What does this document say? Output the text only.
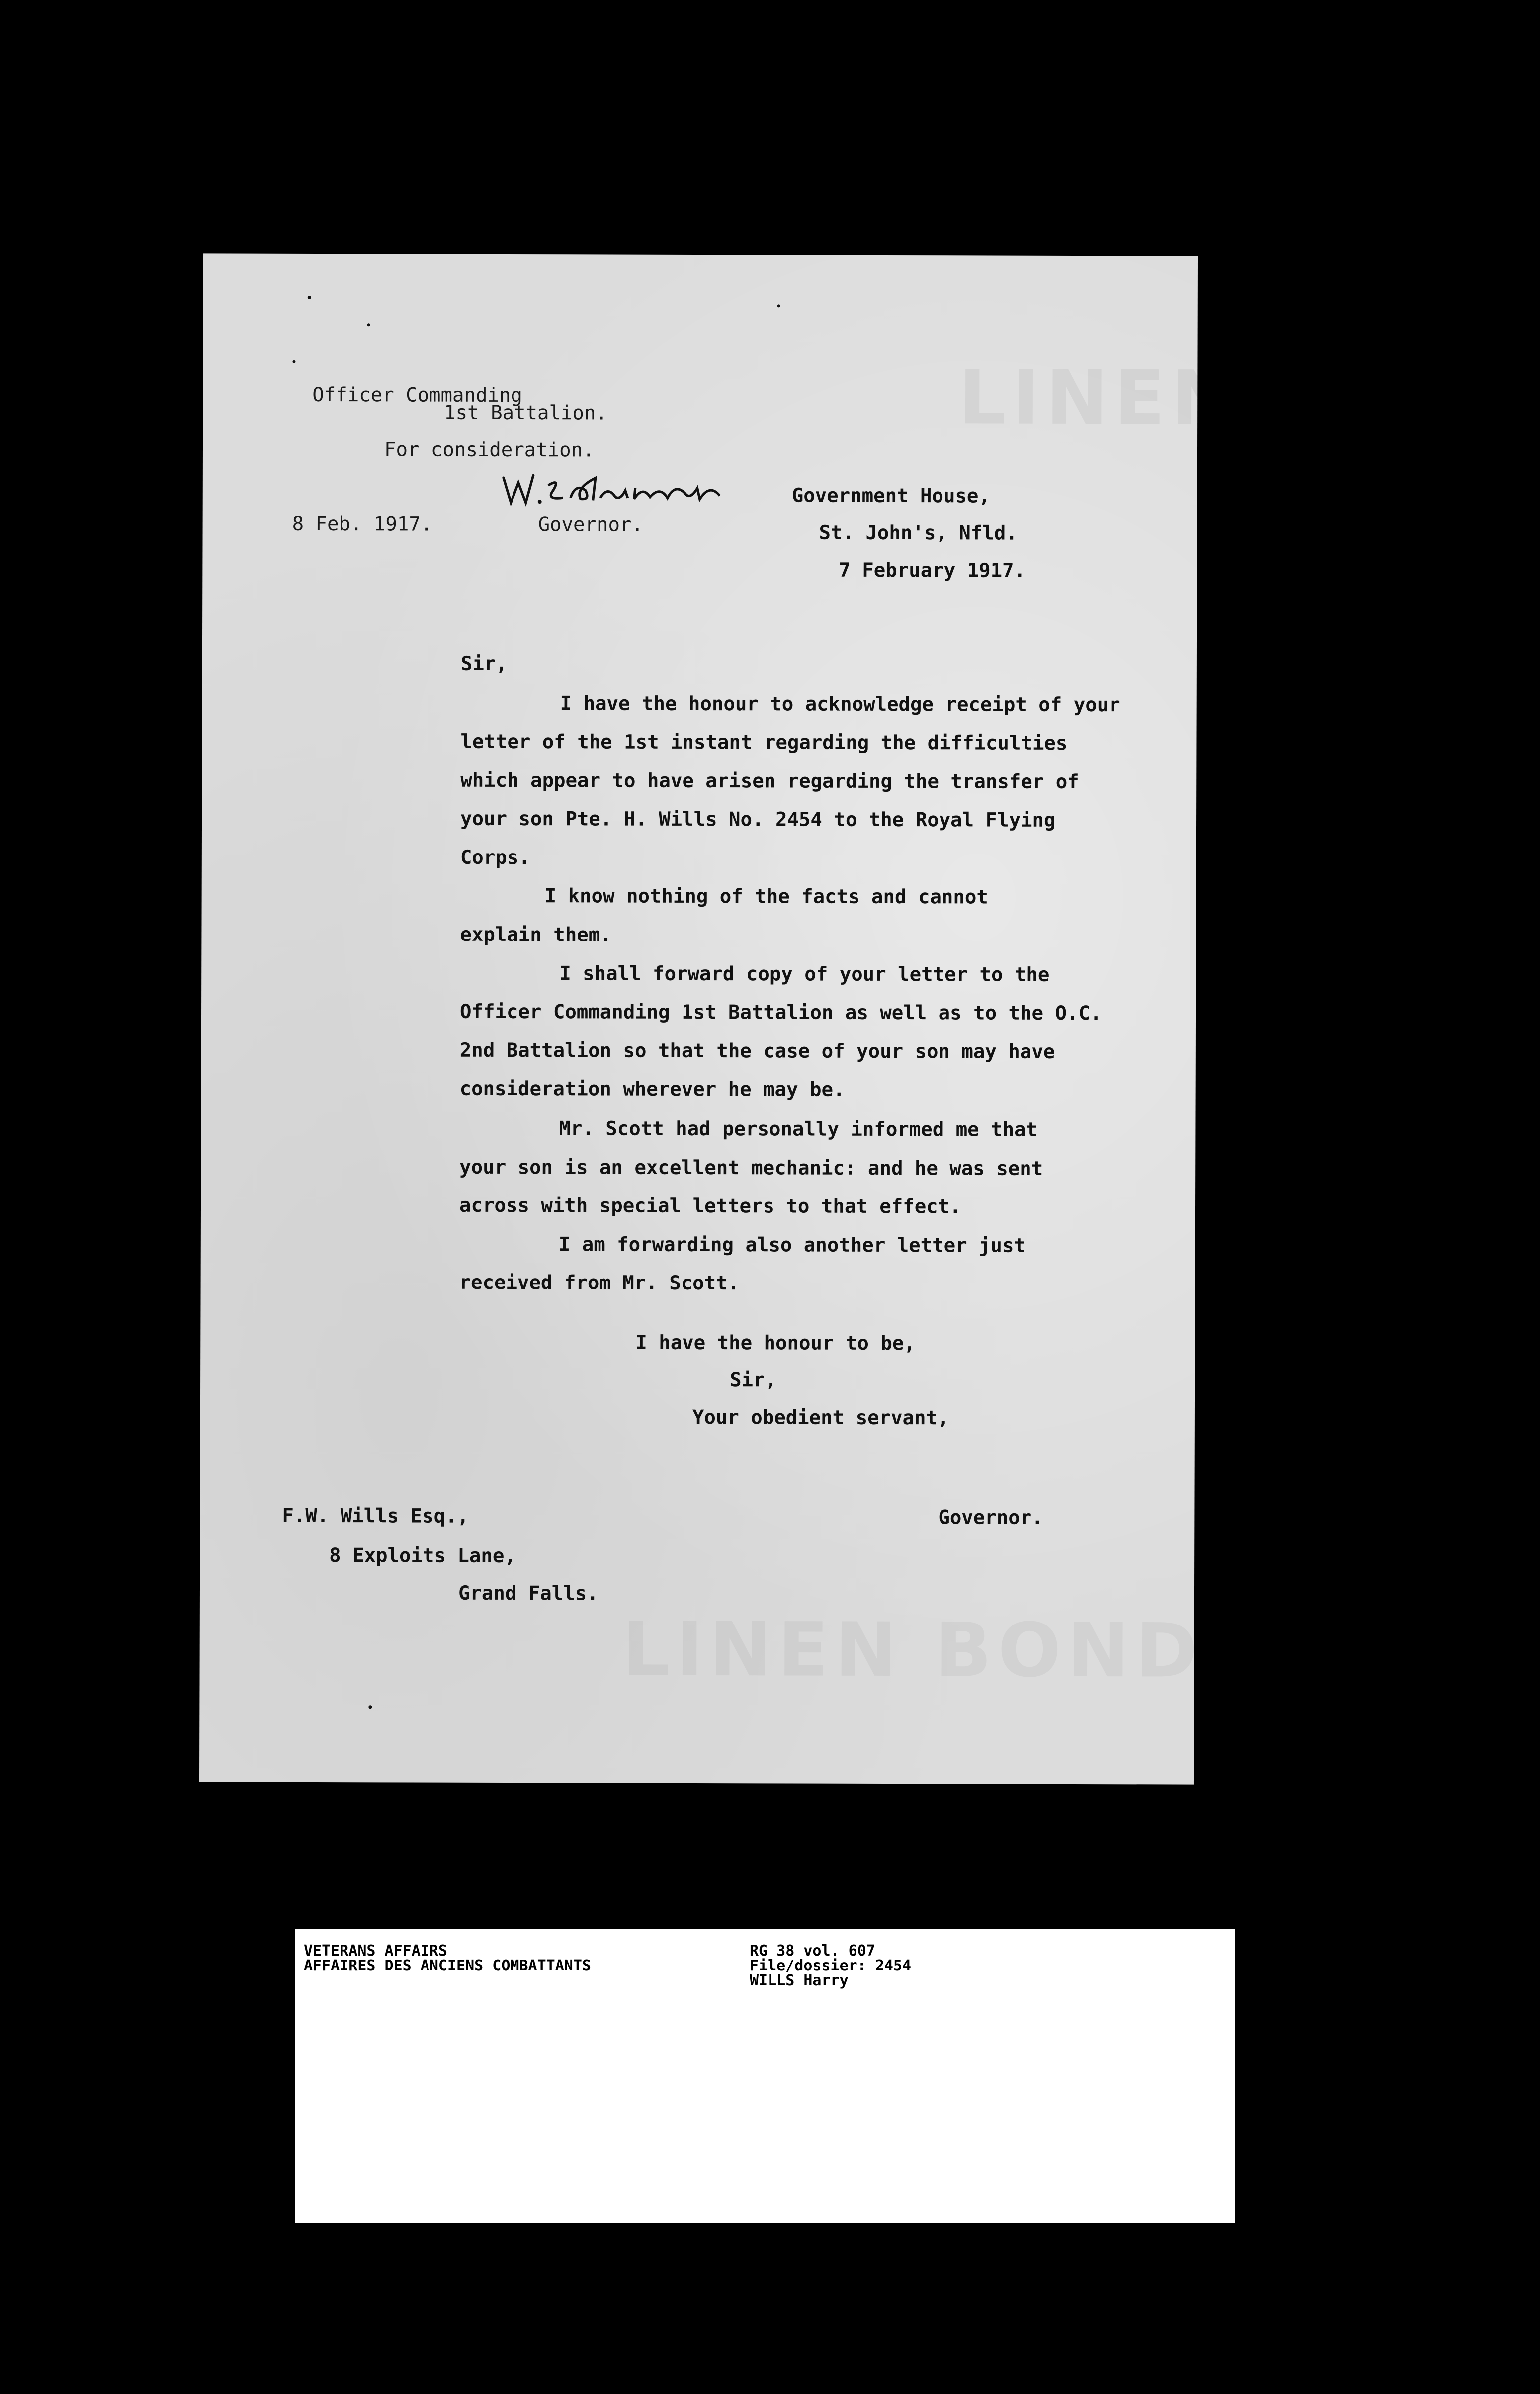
LINEN BOND

Officer Commanding

1st Battalion.

For consideration.

8 Feb. 1917.	Governor.

Government House,

St. John's, Nfld.

7 February 1917.

Sir,

I have the honour to acknowledge receipt of your

letter of the 1st instant regarding the difficulties

which appear to have arisen regarding the transfer of

your son Pte. H. Wills No. 2454 to the Royal Flying

Corps.

I know nothing of the facts and cannot

explain them.

I shall forward copy of your letter to the

Officer Commanding 1st Battalion as well as to the O.C.

2nd Battalion so that the case of your son may have

consideration wherever he may be.

Mr. Scott had personally informed me that

your son is an excellent mechanic: and he was sent

across with special letters to that effect.

I am forwarding also another letter just

received from Mr. Scott.

I have the honour to be,

Sir,

Your obedient servant,

F.W. Wills Esq.,

8 Exploits Lane,

Grand Falls.

Governor.

VETERANS AFFAIRS

AFFAIRES DES ANCIENS COMBATTANTS

RG 38 vol. 607

File/dossier: 2454

WILLS Harry
